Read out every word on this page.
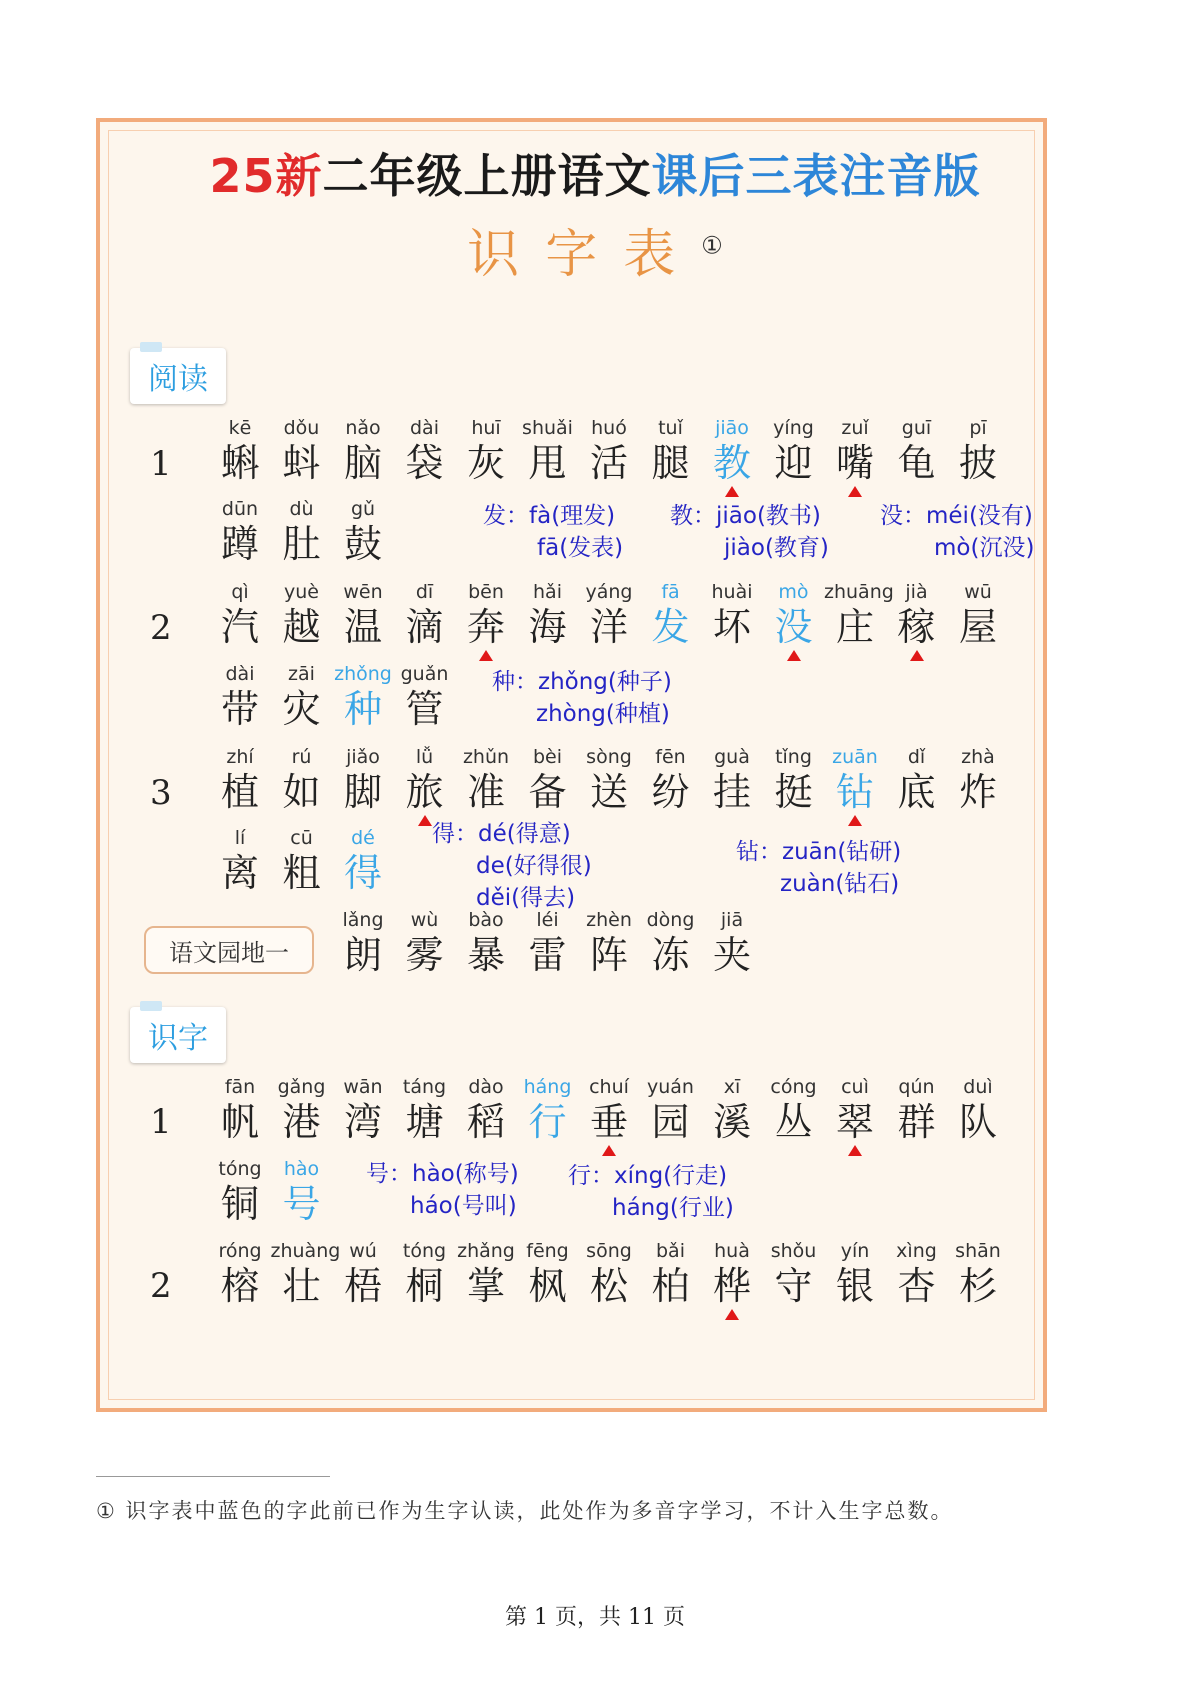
25新二年级上册语文课后三表注音版
识字表①
阅读
识字
语文园地一
1
2
3
1
2
kē
蝌
dǒu
蚪
nǎo
脑
dài
袋
huī
灰
shuǎi
甩
huó
活
tuǐ
腿
jiāo
教
yíng
迎
zuǐ
嘴
guī
龟
pī
披
dūn
蹲
dù
肚
gǔ
鼓
qì
汽
yuè
越
wēn
温
dī
滴
bēn
奔
hǎi
海
yáng
洋
fā
发
huài
坏
mò
没
zhuāng
庄
jià
稼
wū
屋
dài
带
zāi
灾
zhǒng
种
guǎn
管
zhí
植
rú
如
jiǎo
脚
lǚ
旅
zhǔn
准
bèi
备
sòng
送
fēn
纷
guà
挂
tǐng
挺
zuān
钻
dǐ
底
zhà
炸
lí
离
cū
粗
dé
得
lǎng
朗
wù
雾
bào
暴
léi
雷
zhèn
阵
dòng
冻
jiā
夹
fān
帆
gǎng
港
wān
湾
táng
塘
dào
稻
háng
行
chuí
垂
yuán
园
xī
溪
cóng
丛
cuì
翠
qún
群
duì
队
tóng
铜
hào
号
róng
榕
zhuàng
壮
wú
梧
tóng
桐
zhǎng
掌
fēng
枫
sōng
松
bǎi
柏
huà
桦
shǒu
守
yín
银
xìng
杏
shān
杉
发：fà(理发)
fā(发表)
教：jiāo(教书)
jiào(教育)
没：méi(没有)
mò(沉没)
种：zhǒng(种子)
zhòng(种植)
得：dé(得意)
de(好得很)
děi(得去)
钻：zuān(钻研)
zuàn(钻石)
号：hào(称号)
háo(号叫)
行：xíng(行走)
háng(行业)
① 识字表中蓝色的字此前已作为生字认读，此处作为多音字学习，不计入生字总数。
第 1 页，共 11 页
